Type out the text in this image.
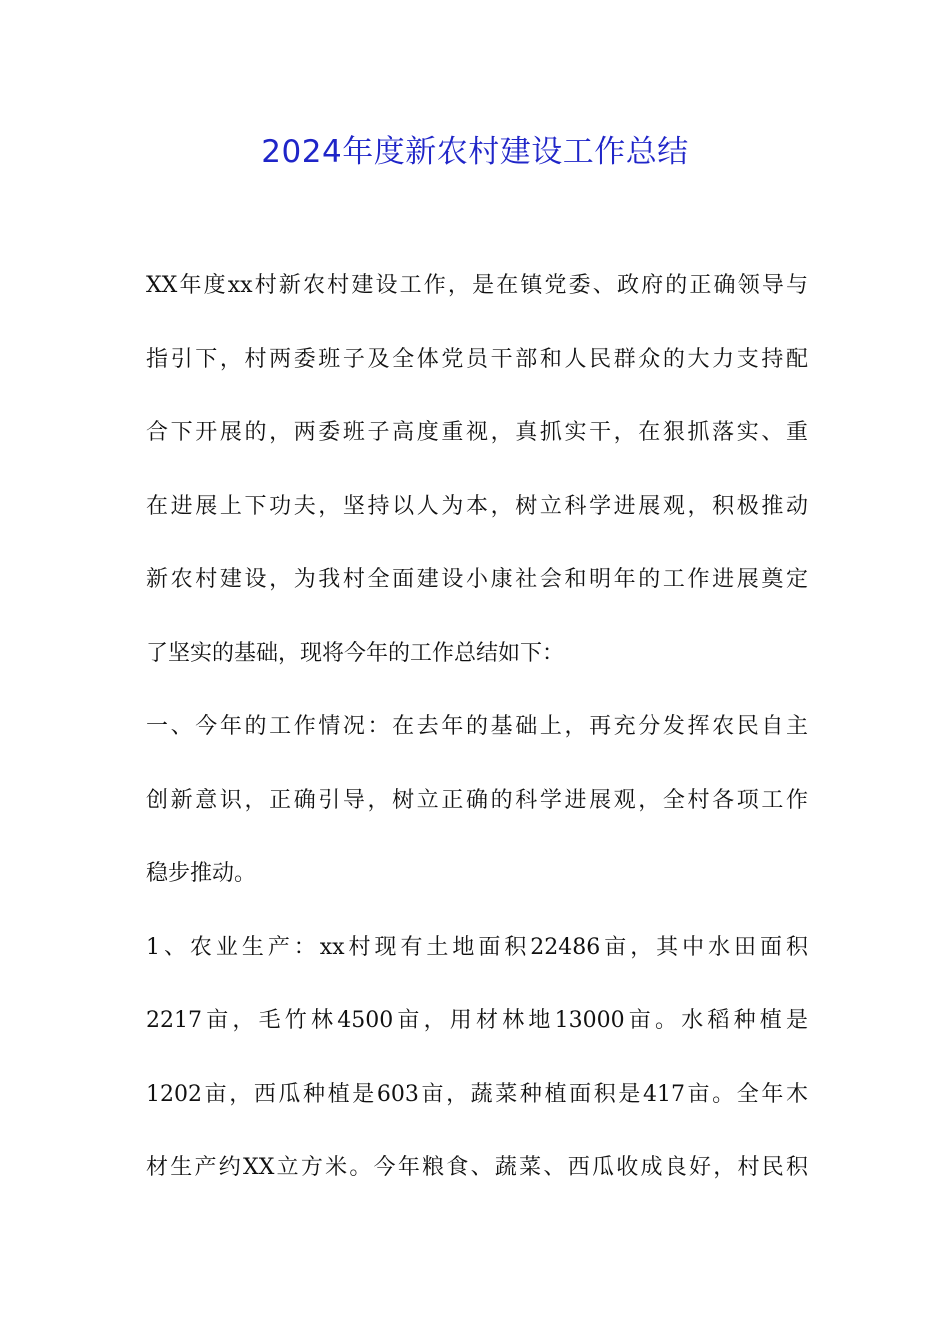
2024年度新农村建设工作总结
XX年度xx村新农村建设工作，是在镇党委、政府的正确领导与
指引下，村两委班子及全体党员干部和人民群众的大力支持配
合下开展的，两委班子高度重视，真抓实干，在狠抓落实、重
在进展上下功夫，坚持以人为本，树立科学进展观，积极推动
新农村建设，为我村全面建设小康社会和明年的工作进展奠定
了坚实的基础，现将今年的工作总结如下：
一、今年的工作情况：在去年的基础上，再充分发挥农民自主
创新意识，正确引导，树立正确的科学进展观，全村各项工作
稳步推动。
1、农业生产：xx村现有土地面积22486亩，其中水田面积
2217亩，毛竹林4500亩，用材林地13000亩。水稻种植是
1202亩，西瓜种植是603亩，蔬菜种植面积是417亩。全年木
材生产约XX立方米。今年粮食、蔬菜、西瓜收成良好，村民积
